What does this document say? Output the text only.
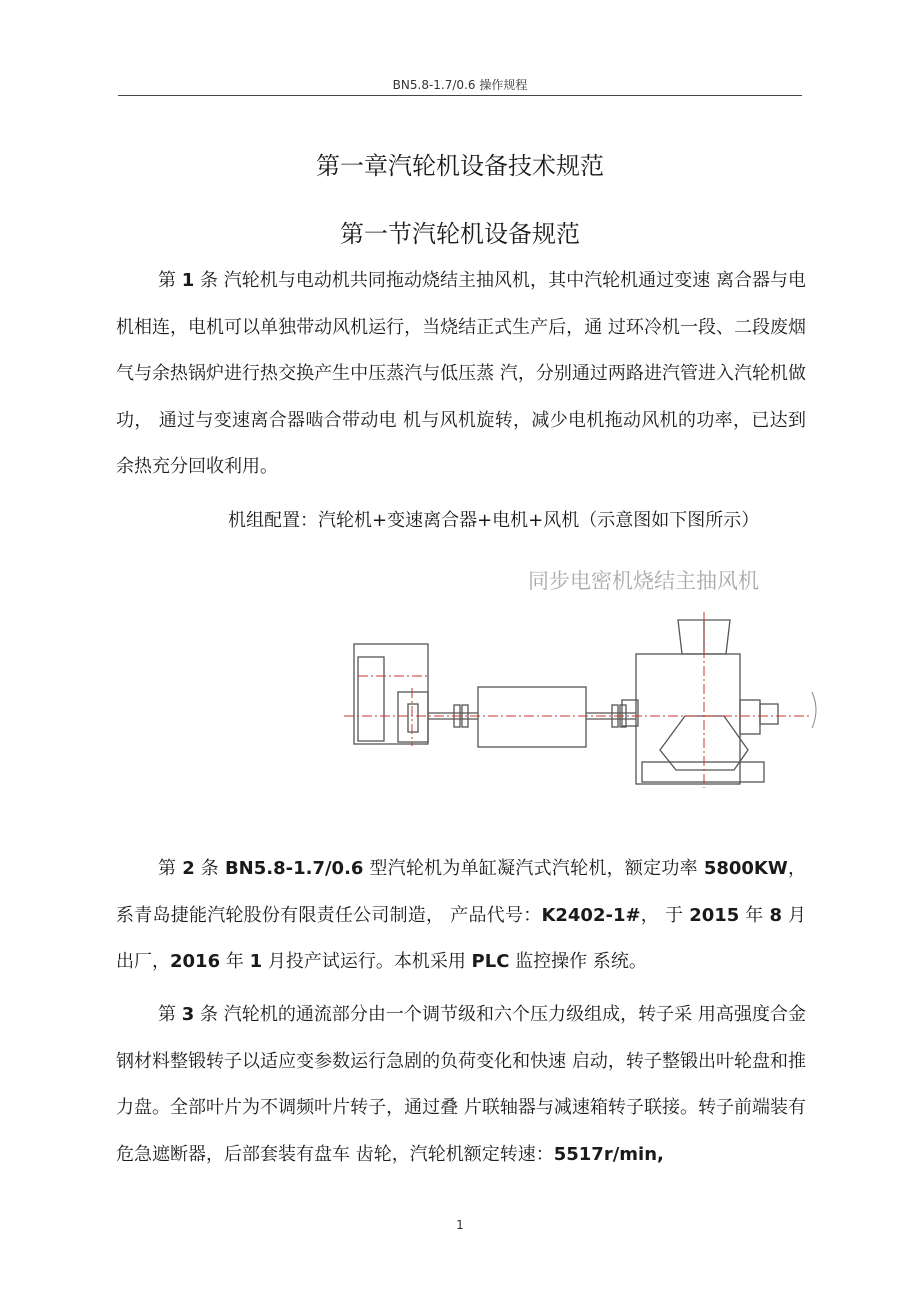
BN5.8-1.7/0.6 操作规程
第一章汽轮机设备技术规范
第一节汽轮机设备规范
第 1 条 汽轮机与电动机共同拖动烧结主抽风机，其中汽轮机通过变速 离合器与电机相连，电机可以单独带动风机运行，当烧结正式生产后，通 过环冷机一段、二段废烟气与余热锅炉进行热交换产生中压蒸汽与低压蒸 汽，分别通过两路进汽管进入汽轮机做功， 通过与变速离合器啮合带动电 机与风机旋转，减少电机拖动风机的功率，已达到余热充分回收利用。
机组配置：汽轮机+变速离合器+电机+风机（示意图如下图所示）
同步电密机烧结主抽风机
第 2 条 BN5.8-1.7/0.6 型汽轮机为单缸凝汽式汽轮机，额定功率 5800KW，系青岛捷能汽轮股份有限责任公司制造， 产品代号：K2402-1#， 于 2015 年 8 月出厂，2016 年 1 月投产试运行。本机采用 PLC 监控操作 系统。
第 3 条 汽轮机的通流部分由一个调节级和六个压力级组成，转子采 用高强度合金钢材料整锻转子以适应变参数运行急剧的负荷变化和快速 启动，转子整锻出叶轮盘和推力盘。全部叶片为不调频叶片转子，通过叠 片联轴器与减速箱转子联接。转子前端装有危急遮断器，后部套装有盘车 齿轮，汽轮机额定转速：5517r/min,
1
